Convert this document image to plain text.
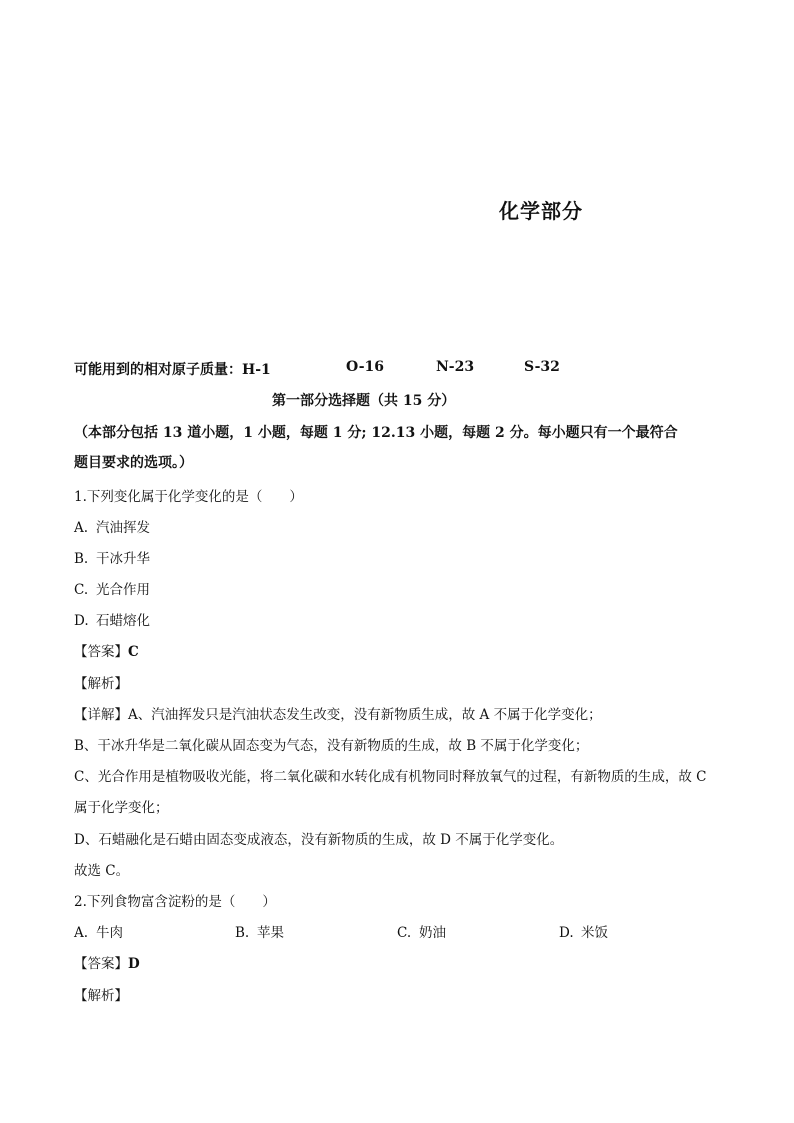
化学部分
可能用到的相对原子质量：H-1	O-16	N-23	S-32
第一部分选择题（共 15 分）
（本部分包括 13 道小题，1 小题，每题 1 分; 12.13 小题，每题 2 分。每小题只有一个最符合
题目要求的选项。）
1.下列变化属于化学变化的是（　　）
A. 汽油挥发
B. 干冰升华
C. 光合作用
D. 石蜡熔化
【答案】C
【解析】
【详解】A、汽油挥发只是汽油状态发生改变，没有新物质生成，故 A 不属于化学变化；
B、干冰升华是二氧化碳从固态变为气态，没有新物质的生成，故 B 不属于化学变化；
C、光合作用是植物吸收光能，将二氧化碳和水转化成有机物同时释放氧气的过程，有新物质的生成，故 C
属于化学变化；
D、石蜡融化是石蜡由固态变成液态，没有新物质的生成，故 D 不属于化学变化。
故选 C。
2.下列食物富含淀粉的是（　　）
A. 牛肉	B. 苹果	C. 奶油	D. 米饭
【答案】D
【解析】
